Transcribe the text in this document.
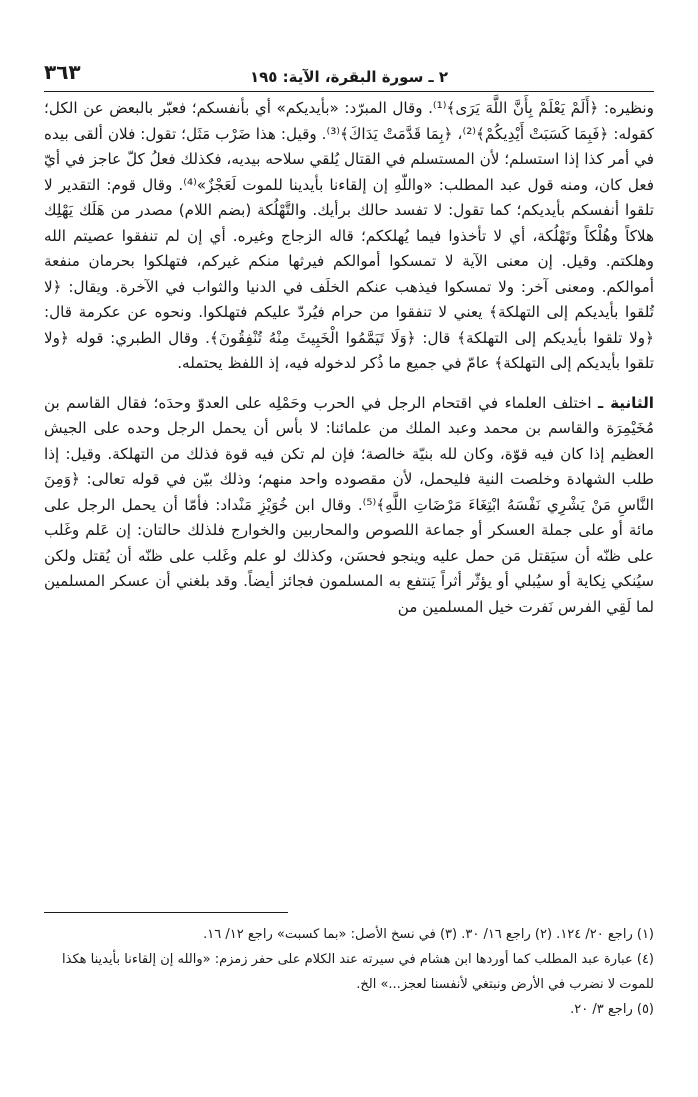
٣٦٣	٢ ـ سورة البقرة، الآية: ١٩٥

ونظيره: ﴿أَلَمْ يَعْلَمْ بِأَنَّ اللَّهَ يَرَى﴾⁽¹⁾. وقال المبرّد: «بأيديكم» أي بأنفسكم؛ فعبّر بالبعض عن الكل؛ كقوله: ﴿فَبِمَا كَسَبَتْ أَيْدِيكُمْ﴾⁽²⁾، ﴿بِمَا قَدَّمَتْ يَدَاكَ﴾⁽³⁾. وقيل: هذا ضَرْب مَثَل؛ تقول: فلان ألقى بيده في أمر كذا إذا استسلم؛ لأن المستسلم في القتال يُلقي سلاحه بيديه، فكذلك فعلُ كلّ عاجز في أيّ فعل كان، ومنه قول عبد المطلب: «واللّهِ إن إلقاءنا بأيدينا للموت لَعَجْزٌ»⁽⁴⁾. وقال قوم: التقدير لا تلقوا أنفسكم بأيديكم؛ كما تقول: لا تفسد حالك برأيك. والتَّهْلُكة (بضم اللام) مصدر من هَلَك يَهْلِك هلاكاً وهُلْكاً وتَهْلُكة، أي لا تأخذوا فيما يُهلككم؛ قاله الزجاج وغيره. أي إن لم تنفقوا عصيتم الله وهلكتم. وقيل. إن معنى الآية لا تمسكوا أموالكم فيرثها منكم غيركم، فتهلكوا بحرمان منفعة أموالكم. ومعنى آخر: ولا تمسكوا فيذهب عنكم الخلَف في الدنيا والثواب في الآخرة. ويقال: ﴿لا تُلقوا بأيديكم إلى التهلكة﴾ يعني لا تنفقوا من حرام فيُردّ عليكم فتهلكوا. ونحوه عن عكرمة قال: ﴿ولا تلقوا بأيديكم إلى التهلكة﴾ قال: ﴿وَلَا تَيَمَّمُوا الْخَبِيثَ مِنْهُ تُنْفِقُونَ﴾. وقال الطبري: قوله ﴿ولا تلقوا بأيديكم إلى التهلكة﴾ عامّ في جميع ما ذُكر لدخوله فيه، إذ اللفظ يحتمله.

الثانية ـ اختلف العلماء في اقتحام الرجل في الحرب وحَمْلِه على العدوّ وحدَه؛ فقال القاسم بن مُخَيْمِرَة والقاسم بن محمد وعبد الملك من علمائنا: لا بأس أن يحمل الرجل وحده على الجيش العظيم إذا كان فيه قوّة، وكان لله بنيّة خالصة؛ فإن لم تكن فيه قوة فذلك من التهلكة. وقيل: إذا طلب الشهادة وخلصت النية فليحمل، لأن مقصوده واحد منهم؛ وذلك بيّن في قوله تعالى: ﴿وَمِنَ النَّاسِ مَنْ يَشْرِي نَفْسَهُ ابْتِغَاءَ مَرْضَاتِ اللَّهِ﴾⁽⁵⁾. وقال ابن خُوَيْزِ مَنْداد: فأمّا أن يحمل الرجل على مائة أو على جملة العسكر أو جماعة اللصوص والمحاربين والخوارج فلذلك حالتان: إن عَلم وغَلب على ظنّه أن سيَقتل مَن حمل عليه وينجو فحسَن، وكذلك لو علم وغَلب على ظنّه أن يُقتل ولكن سيُنكي نِكاية أو سيُبلي أو يؤثّر أثراً يَنتفع به المسلمون فجائز أيضاً. وقد بلغني أن عسكر المسلمين لما لَقِي الفرس نَفرت خيل المسلمين من

(١) راجع ٢٠/ ١٢٤. (٢) راجع ١٦/ ٣٠. (٣) في نسخ الأصل: «بما كسبت» راجع ١٢/ ١٦.
(٤) عبارة عبد المطلب كما أوردها ابن هشام في سيرته عند الكلام على حفر زمزم: «والله إن إلقاءنا بأيدينا هكذا للموت لا نضرب في الأرض ونبتغي لأنفسنا لعجز...» الخ.
(٥) راجع ٣/ ٢٠.
